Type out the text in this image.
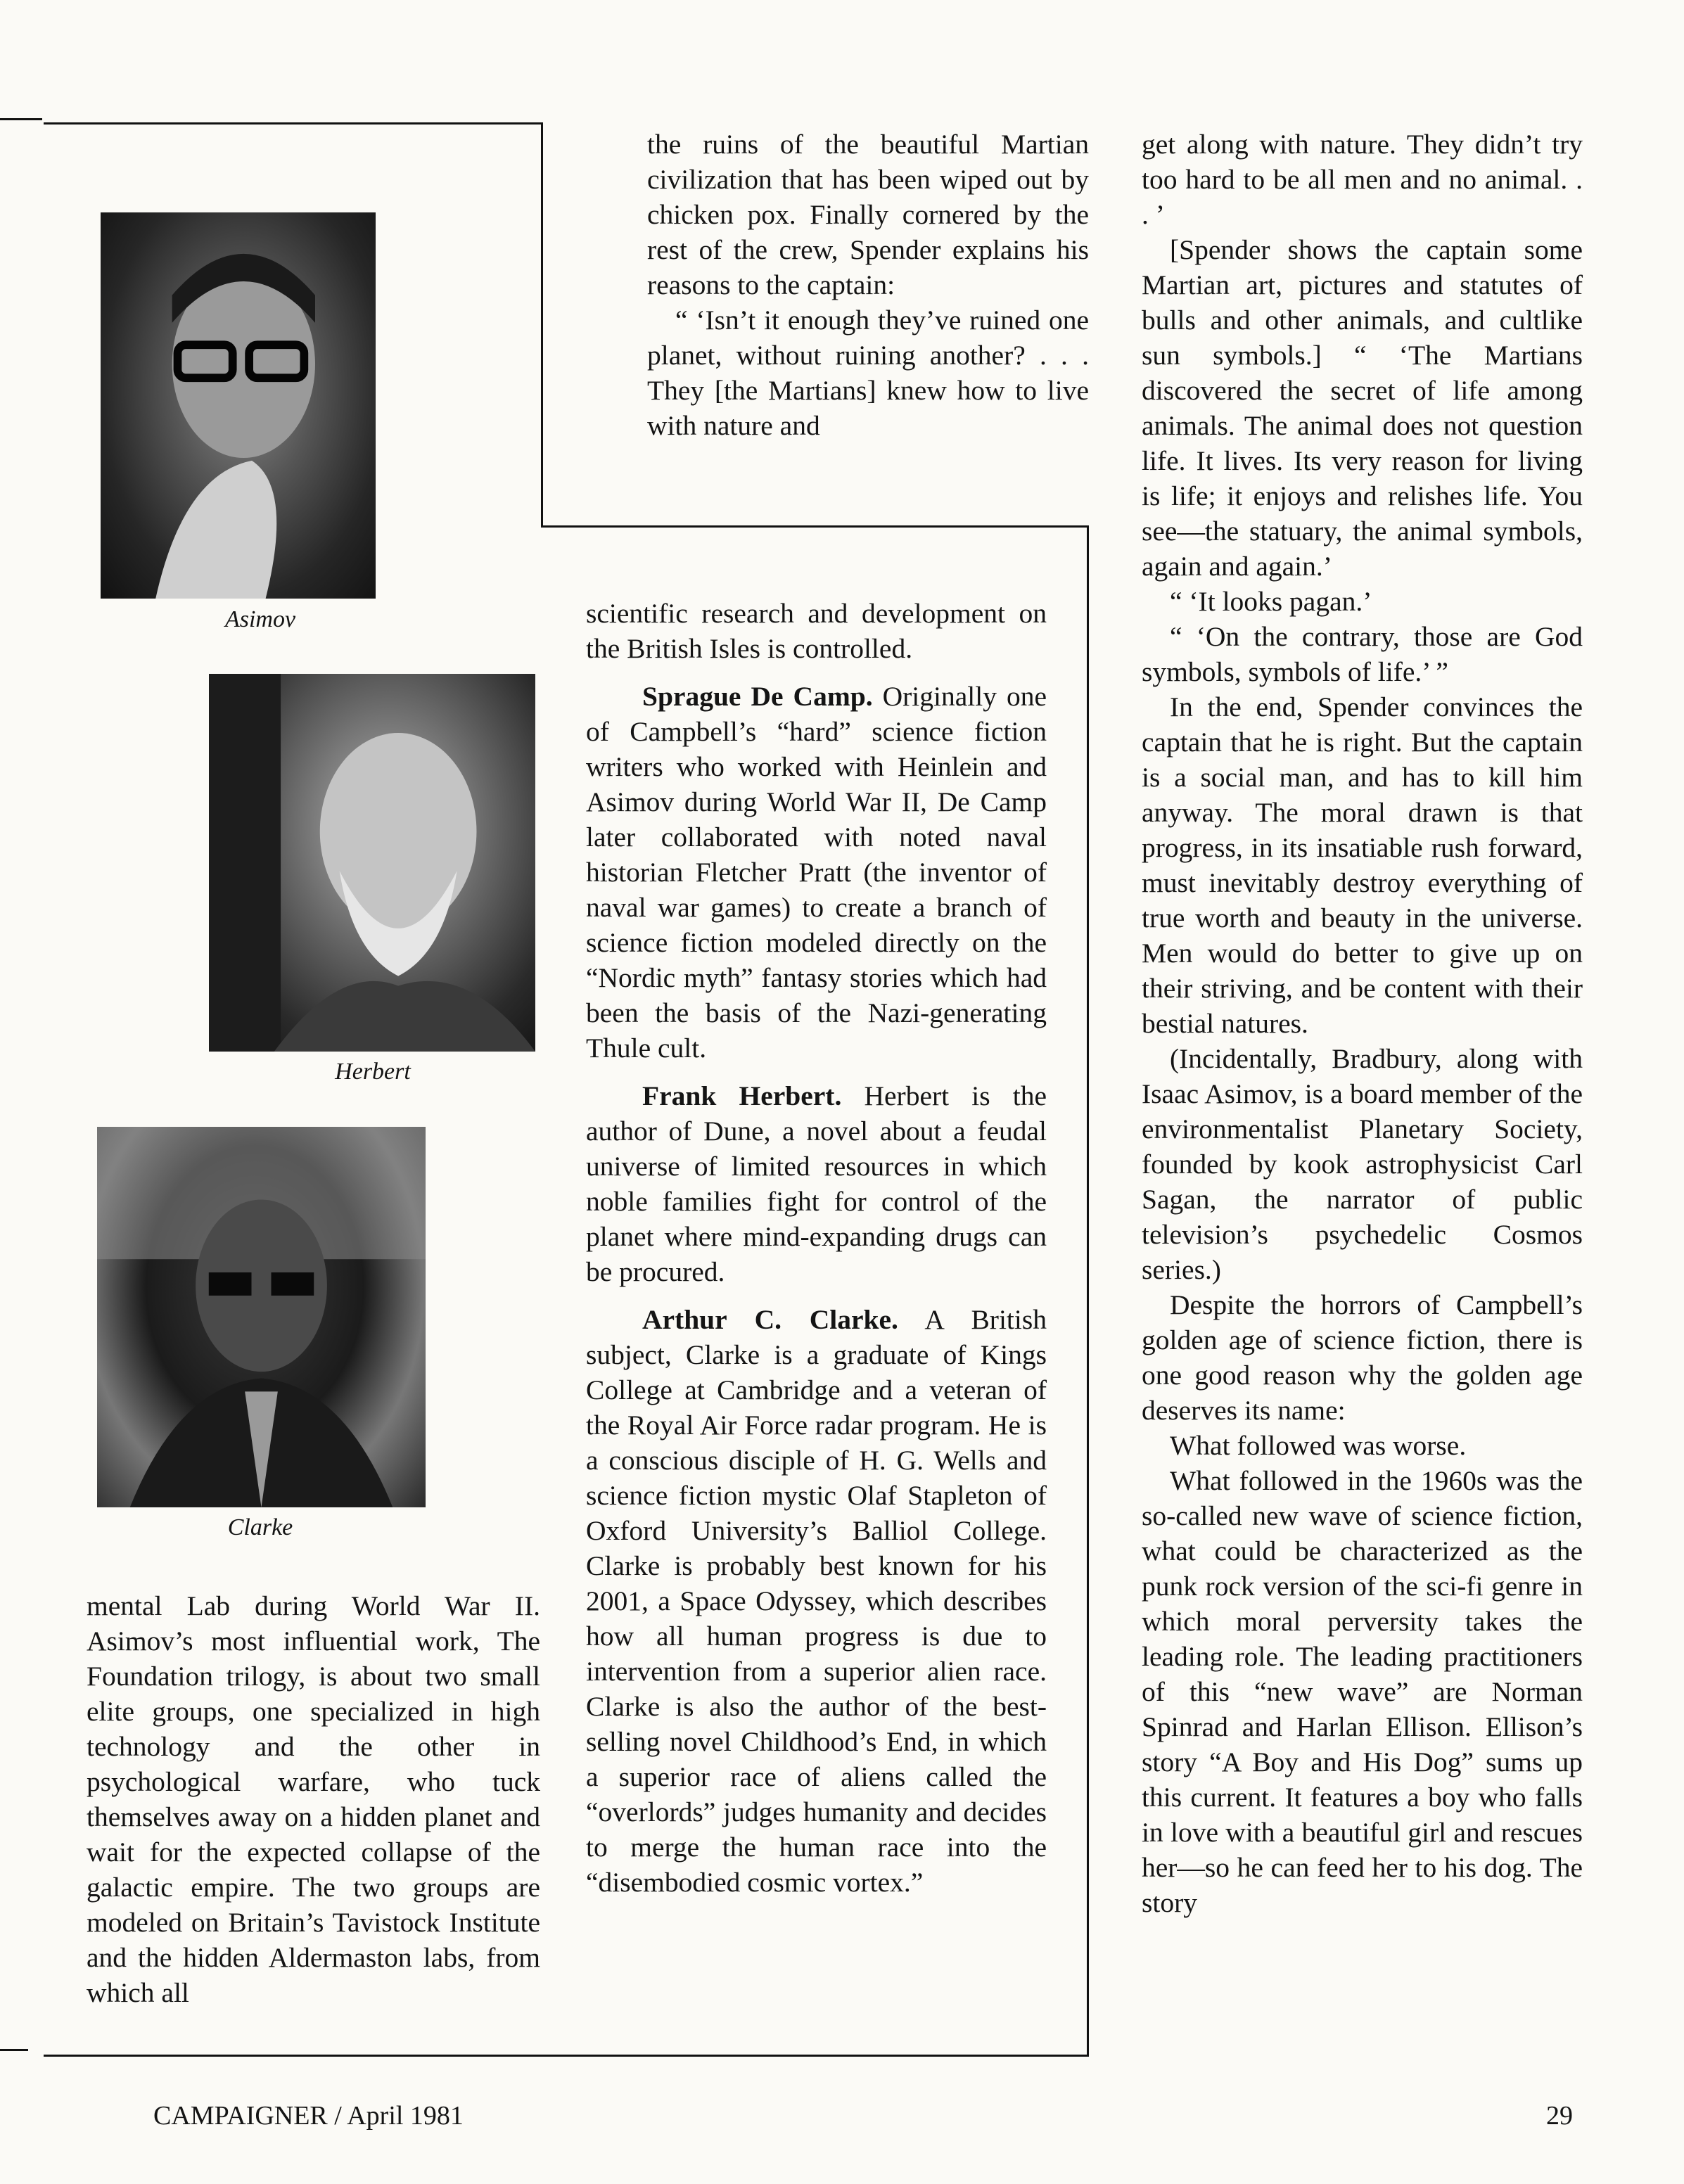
Asimov
Herbert
Clarke

mental Lab during World War II. Asimov’s most influential work, The Foundation trilogy, is about two small elite groups, one specialized in high technology and the other in psychological warfare, who tuck themselves away on a hidden planet and wait for the expected collapse of the galactic empire. The two groups are modeled on Britain’s Tavistock Institute and the hidden Aldermaston labs, from which all

the ruins of the beautiful Martian civilization that has been wiped out by chicken pox. Finally cornered by the rest of the crew, Spender explains his reasons to the captain:

“ ‘Isn’t it enough they’ve ruined one planet, without ruining another? . . . They [the Martians] knew how to live with nature and

scientific research and development on the British Isles is controlled.

Sprague De Camp. Originally one of Campbell’s “hard” science fiction writers who worked with Heinlein and Asimov during World War II, De Camp later collaborated with noted naval historian Fletcher Pratt (the inventor of naval war games) to create a branch of science fiction modeled directly on the “Nordic myth” fantasy stories which had been the basis of the Nazi-generating Thule cult.

Frank Herbert. Herbert is the author of Dune, a novel about a feudal universe of limited resources in which noble families fight for control of the planet where mind-expanding drugs can be procured.

Arthur C. Clarke. A British subject, Clarke is a graduate of Kings College at Cambridge and a veteran of the Royal Air Force radar program. He is a conscious disciple of H. G. Wells and science fiction mystic Olaf Stapleton of Oxford University’s Balliol College. Clarke is probably best known for his 2001, a Space Odyssey, which describes how all human progress is due to intervention from a superior alien race. Clarke is also the author of the best-selling novel Childhood’s End, in which a superior race of aliens called the “overlords” judges humanity and decides to merge the human race into the “disembodied cosmic vortex.”

get along with nature. They didn’t try too hard to be all men and no animal. . . ’

[Spender shows the captain some Martian art, pictures and statutes of bulls and other animals, and cultlike sun symbols.] “ ‘The Martians discovered the secret of life among animals. The animal does not question life. It lives. Its very reason for living is life; it enjoys and relishes life. You see—the statuary, the animal symbols, again and again.’

“ ‘It looks pagan.’

“ ‘On the contrary, those are God symbols, symbols of life.’ ”

In the end, Spender convinces the captain that he is right. But the captain is a social man, and has to kill him anyway. The moral drawn is that progress, in its insatiable rush forward, must inevitably destroy everything of true worth and beauty in the universe. Men would do better to give up on their striving, and be content with their bestial natures.

(Incidentally, Bradbury, along with Isaac Asimov, is a board member of the environmentalist Planetary Society, founded by kook astrophysicist Carl Sagan, the narrator of public television’s psychedelic Cosmos series.)

Despite the horrors of Campbell’s golden age of science fiction, there is one good reason why the golden age deserves its name:

What followed was worse.

What followed in the 1960s was the so-called new wave of science fiction, what could be characterized as the punk rock version of the sci-fi genre in which moral perversity takes the leading role. The leading practitioners of this “new wave” are Norman Spinrad and Harlan Ellison. Ellison’s story “A Boy and His Dog” sums up this current. It features a boy who falls in love with a beautiful girl and rescues her—so he can feed her to his dog. The story

CAMPAIGNER / April 1981	29
